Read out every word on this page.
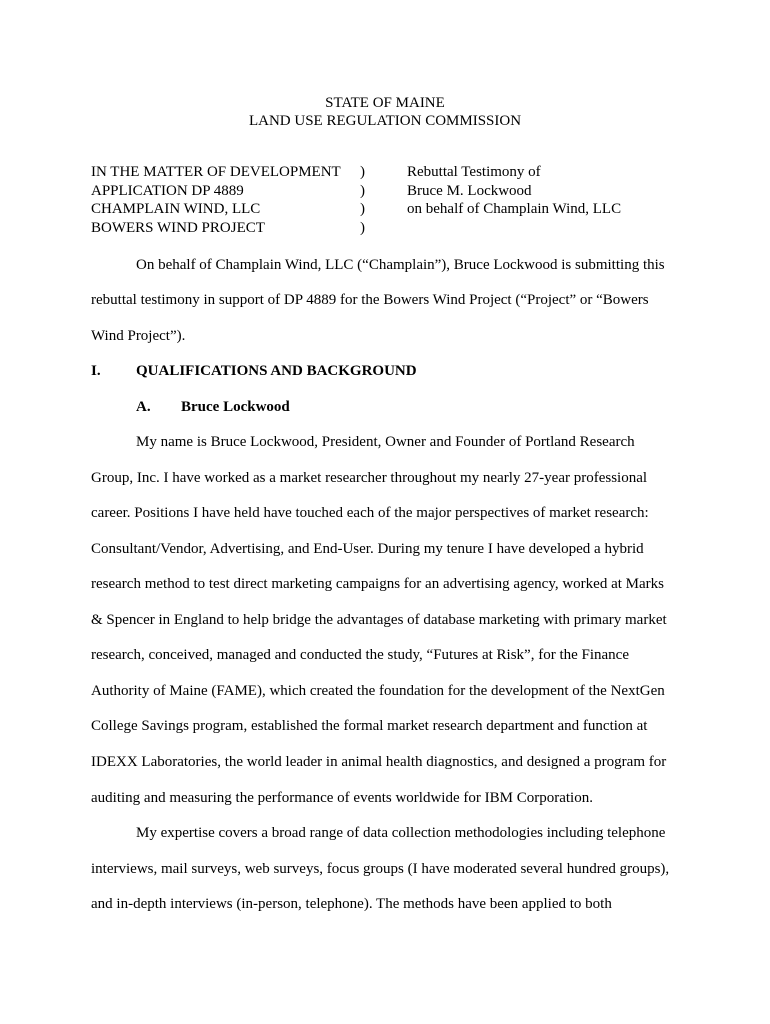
STATE OF MAINE
LAND USE REGULATION COMMISSION
IN THE MATTER OF DEVELOPMENT
APPLICATION DP 4889
CHAMPLAIN WIND, LLC
BOWERS WIND PROJECT
)
)
)
)
Rebuttal Testimony of
Bruce M. Lockwood
on behalf of Champlain Wind, LLC
On behalf of Champlain Wind, LLC (“Champlain”), Bruce Lockwood is submitting this
rebuttal testimony in support of DP 4889 for the Bowers Wind Project (“Project” or “Bowers
Wind Project”).
I. QUALIFICATIONS AND BACKGROUND
A. Bruce Lockwood
My name is Bruce Lockwood, President, Owner and Founder of Portland Research
Group, Inc. I have worked as a market researcher throughout my nearly 27-year professional
career. Positions I have held have touched each of the major perspectives of market research:
Consultant/Vendor, Advertising, and End-User. During my tenure I have developed a hybrid
research method to test direct marketing campaigns for an advertising agency, worked at Marks
& Spencer in England to help bridge the advantages of database marketing with primary market
research, conceived, managed and conducted the study, “Futures at Risk”, for the Finance
Authority of Maine (FAME), which created the foundation for the development of the NextGen
College Savings program, established the formal market research department and function at
IDEXX Laboratories, the world leader in animal health diagnostics, and designed a program for
auditing and measuring the performance of events worldwide for IBM Corporation.
My expertise covers a broad range of data collection methodologies including telephone
interviews, mail surveys, web surveys, focus groups (I have moderated several hundred groups),
and in-depth interviews (in-person, telephone). The methods have been applied to both
